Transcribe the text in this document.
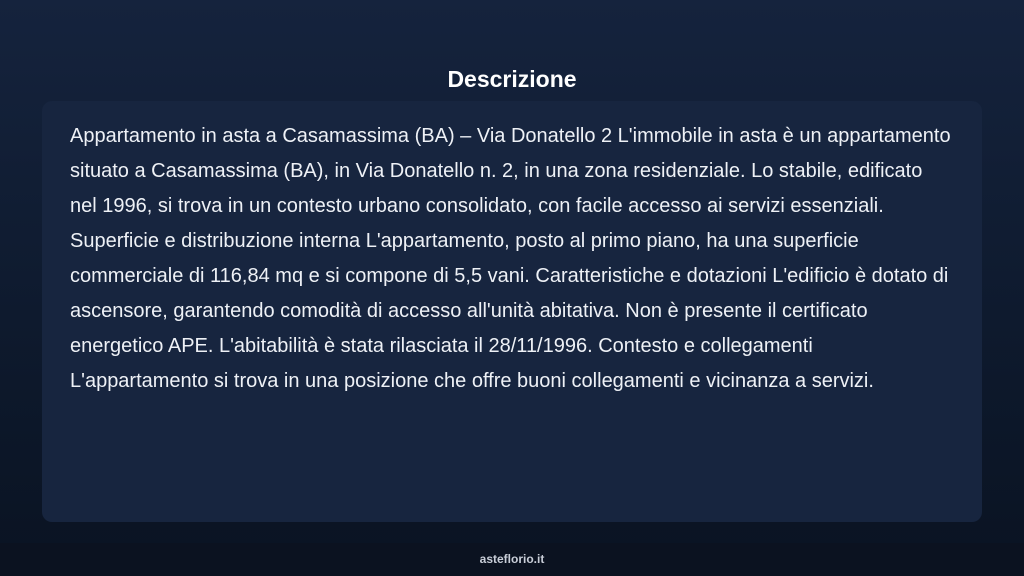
Descrizione

Appartamento in asta a Casamassima (BA) – Via Donatello 2 L'immobile in asta è un appartamento situato a Casamassima (BA), in Via Donatello n. 2, in una zona residenziale. Lo stabile, edificato nel 1996, si trova in un contesto urbano consolidato, con facile accesso ai servizi essenziali. Superficie e distribuzione interna L'appartamento, posto al primo piano, ha una superficie commerciale di 116,84 mq e si compone di 5,5 vani. Caratteristiche e dotazioni L'edificio è dotato di ascensore, garantendo comodità di accesso all'unità abitativa. Non è presente il certificato energetico APE. L'abitabilità è stata rilasciata il 28/11/1996. Contesto e collegamenti L'appartamento si trova in una posizione che offre buoni collegamenti e vicinanza a servizi.

asteflorio.it
